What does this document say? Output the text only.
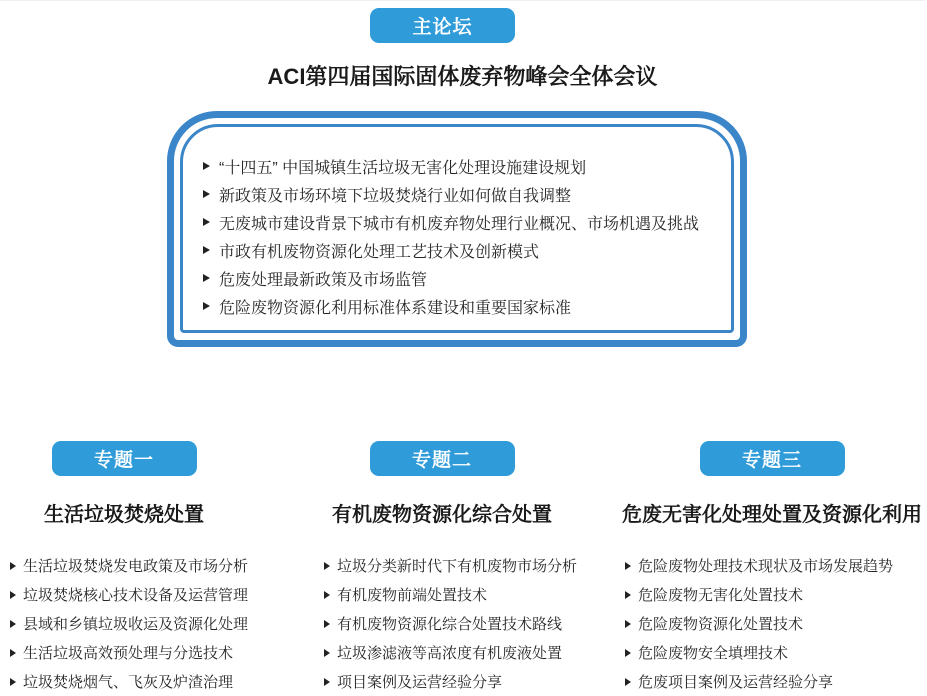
主论坛
ACI第四届国际固体废弃物峰会全体会议
“十四五” 中国城镇生活垃圾无害化处理设施建设规划
新政策及市场环境下垃圾焚烧行业如何做自我调整
无废城市建设背景下城市有机废弃物处理行业概况、市场机遇及挑战
市政有机废物资源化处理工艺技术及创新模式
危废处理最新政策及市场监管
危险废物资源化利用标准体系建设和重要国家标准
专题一
生活垃圾焚烧处置
生活垃圾焚烧发电政策及市场分析
垃圾焚烧核心技术设备及运营管理
县域和乡镇垃圾收运及资源化处理
生活垃圾高效预处理与分选技术
垃圾焚烧烟气、飞灰及炉渣治理
专题二
有机废物资源化综合处置
垃圾分类新时代下有机废物市场分析
有机废物前端处置技术
有机废物资源化综合处置技术路线
垃圾渗滤液等高浓度有机废液处置
项目案例及运营经验分享
专题三
危废无害化处理处置及资源化利用
危险废物处理技术现状及市场发展趋势
危险废物无害化处置技术
危险废物资源化处置技术
危险废物安全填埋技术
危废项目案例及运营经验分享
